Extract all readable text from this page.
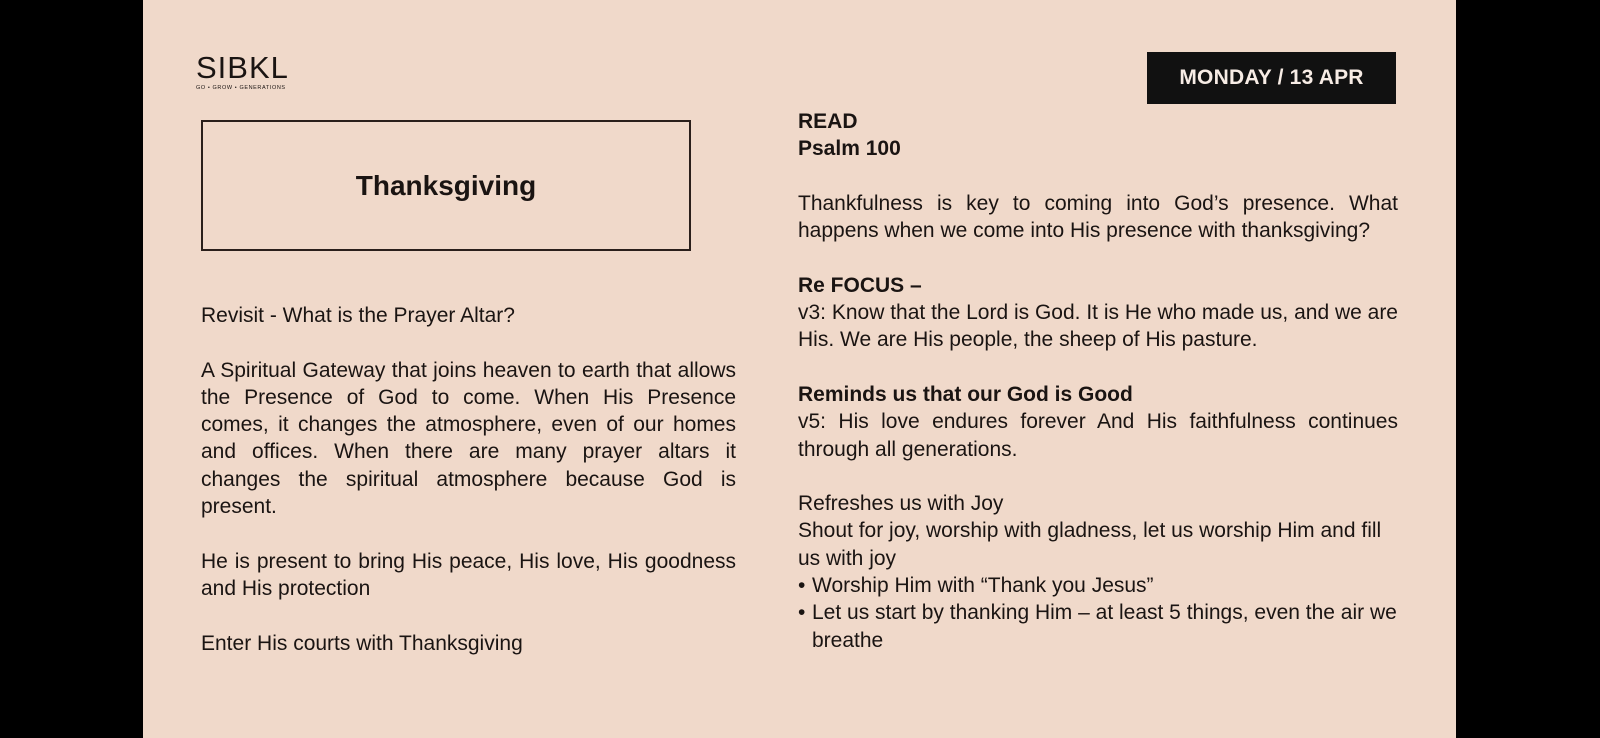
SIBKL
GO • GROW • GENERATIONS	MONDAY / 13 APR
Thanksgiving

Revisit - What is the Prayer Altar?

A Spiritual Gateway that joins heaven to earth that allows the Presence of God to come. When His Presence comes, it changes the atmosphere, even of our homes and offices. When there are many prayer altars it changes the spiritual atmosphere because God is present.

He is present to bring His peace, His love, His goodness and His protection

Enter His courts with Thanksgiving

READ
Psalm 100

Thankfulness is key to coming into God’s presence. What happens when we come into His presence with thanksgiving?

Re FOCUS –
v3: Know that the Lord is God. It is He who made us, and we are His. We are His people, the sheep of His pasture.

Reminds us that our God is Good
v5: His love endures forever And His faithfulness continues through all generations.

Refreshes us with Joy
Shout for joy, worship with gladness, let us worship Him and fill us with joy
• Worship Him with “Thank you Jesus”
• Let us start by thanking Him – at least 5 things, even the air we breathe
